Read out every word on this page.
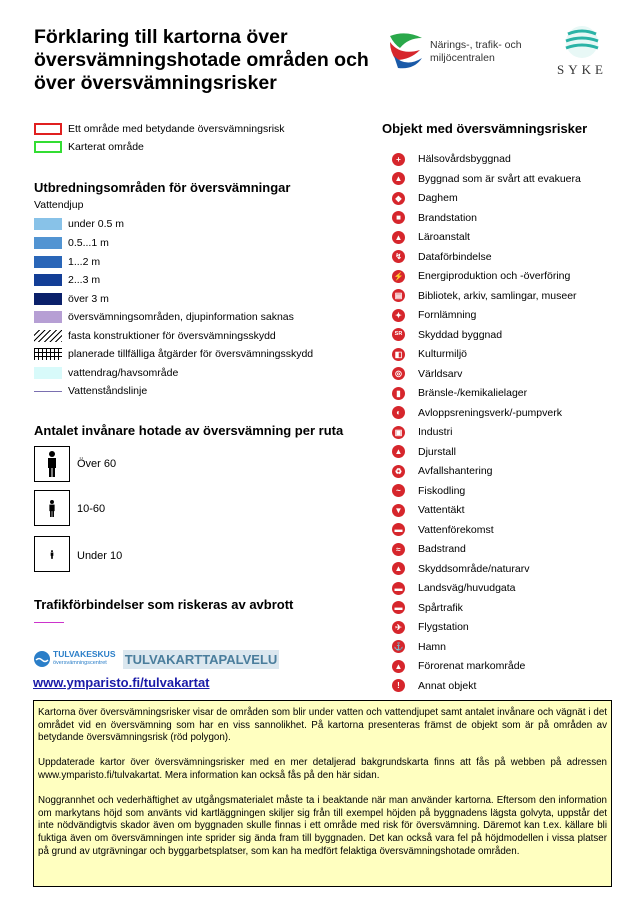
Förklaring till kartorna över översvämningshotade områden och över översvämningsrisker
Närings-, trafik- och
miljöcentralen
SYKE
Ett område med betydande översvämningsrisk
Karterat område
Utbredningsområden för översvämningar
Vattendjup
under 0.5 m
0.5...1 m
1...2 m
2...3 m
över 3 m
översvämningsområden, djupinformation saknas
fasta konstruktioner för översvämningsskydd
planerade tillfälliga åtgärder för översvämningsskydd
vattendrag/havsområde
Vattenståndslinje
Antalet invånare hotade av översvämning per ruta
Över 60
10-60
Under 10
Trafikförbindelser som riskeras av avbrott
TULVAKESKUS
översvämningscentret	TULVAKARTTAPALVELU
www.ymparisto.fi/tulvakartat
Objekt med översvämningsrisker
+	Hälsovårdsbyggnad
▲ Byggnad som är svårt att evakuera
◆	Daghem
■	Brandstation
▲ Läroanstalt
↯	Dataförbindelse
⚡ Energiproduktion och -överföring
▤ Bibliotek, arkiv, samlingar, museer
✦	Fornlämning
SR Skyddad byggnad
◧ Kulturmiljö
◎ Världsarv
▮	Bränsle-/kemikalielager
◐	Avloppsreningsverk/-pumpverk
▣ Industri
▲ Djurstall
♻ Avfallshantering
~	Fiskodling
▼ Vattentäkt
▬ Vattenförekomst
≈	Badstrand
▲ Skyddsområde/naturarv
▬ Landsväg/huvudgata
▬ Spårtrafik
✈	Flygstation
⚓ Hamn
▲ Förorenat markområde
!	Annat objekt

Kartorna över översvämningsrisker visar de områden som blir under vatten och vattendjupet samt antalet invånare och vägnät i det området vid en översvämning som har en viss sannolikhet. På kartorna presenteras främst de objekt som är på områden av betydande översvämningsrisk (röd polygon).

Uppdaterade kartor över översvämningsrisker med en mer detaljerad bakgrundskarta finns att fås på webben på adressen www.ymparisto.fi/tulvakartat. Mera information kan också fås på den här sidan.

Noggrannhet och vederhäftighet av utgångsmaterialet måste ta i beaktande när man använder kartorna. Eftersom den information om markytans höjd som använts vid kartläggningen skiljer sig från till exempel höjden på byggnadens lägsta golvyta, uppstår det inte nödvändigtvis skador även om byggnaden skulle finnas i ett område med risk för översvämning. Däremot kan t.ex. källare bli fuktiga även om översvämningen inte sprider sig ända fram till byggnaden. Det kan också vara fel på höjdmodellen i vissa platser på grund av utgrävningar och byggarbetsplatser, som kan ha medfört felaktiga översvämningshotade områden.
